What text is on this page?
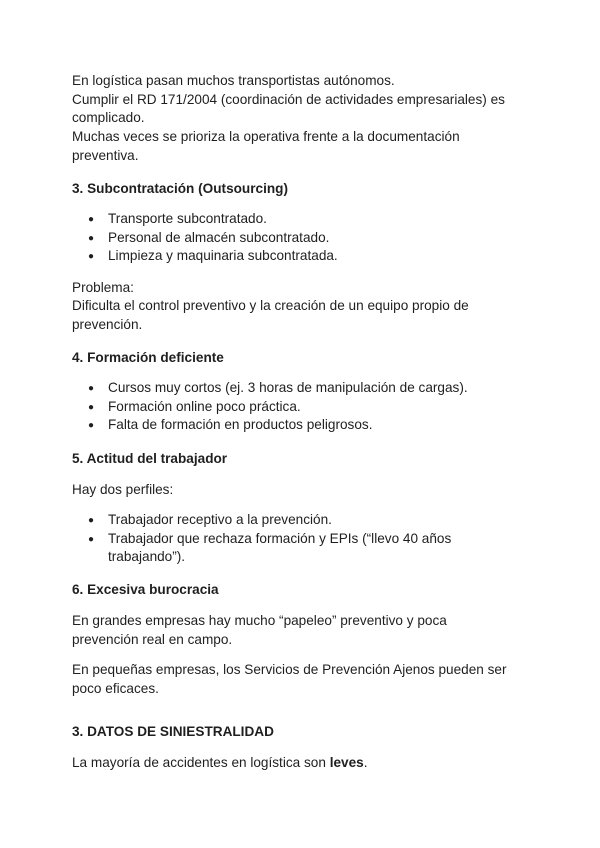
En logística pasan muchos transportistas autónomos.

Cumplir el RD 171/2004 (coordinación de actividades empresariales) es

complicado.

Muchas veces se prioriza la operativa frente a la documentación

preventiva.

3. Subcontratación (Outsourcing)

● Transporte subcontratado.

● Personal de almacén subcontratado.

● Limpieza y maquinaria subcontratada.

Problema:

Dificulta el control preventivo y la creación de un equipo propio de

prevención.

4. Formación deficiente

● Cursos muy cortos (ej. 3 horas de manipulación de cargas).

● Formación online poco práctica.

● Falta de formación en productos peligrosos.

5. Actitud del trabajador

Hay dos perfiles:

● Trabajador receptivo a la prevención.

● Trabajador que rechaza formación y EPIs (“llevo 40 años

trabajando”).

6. Excesiva burocracia

En grandes empresas hay mucho “papeleo” preventivo y poca

prevención real en campo.

En pequeñas empresas, los Servicios de Prevención Ajenos pueden ser

poco eficaces.

3. DATOS DE SINIESTRALIDAD

La mayoría de accidentes en logística son leves.
